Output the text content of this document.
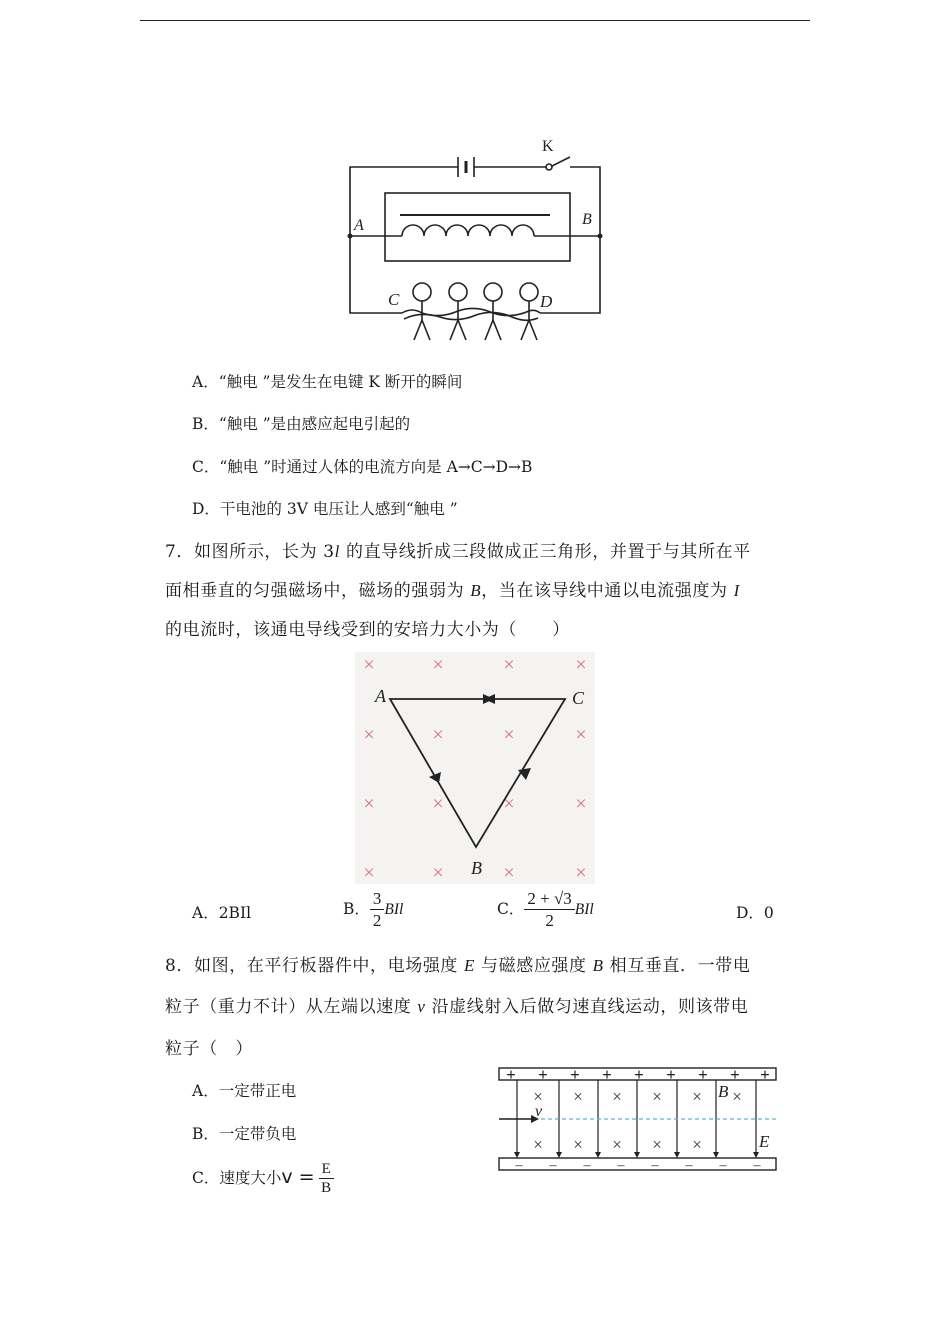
K
A	B
C	D
A．“触电 ”是发生在电键 K 断开的瞬间
B．“触电 ”是由感应起电引起的
C．“触电 ”时通过人体的电流方向是 A→C→D→B
D．干电池的 3V 电压让人感到“触电 ”
7．如图所示，长为 3l 的直导线折成三段做成正三角形，并置于与其所在平
面相垂直的匀强磁场中，磁场的强弱为 B，当在该导线中通以电流强度为 I
的电流时，该通电导线受到的安培力大小为（　　）
×	×	×	×
×	×	×	×
×	×	×	×
×	×	×	×
A	C
B
A．2BIl	B． $\frac{3}{2}$ BIl	C． $\frac{2 + √3}{2}$ BIl	D．0
8．如图，在平行板器件中，电场强度 E 与磁感应强度 B 相互垂直．一带电
粒子（重力不计）从左端以速度 v 沿虚线射入后做匀速直线运动，则该带电
粒子（　）
+ + + + + + + + +
– – – – – – – –
× × × × × ×
× × × × ×
B
E
v
A．一定带正电
B．一定带负电
C．速度大小$v = \frac{E}{B}$
